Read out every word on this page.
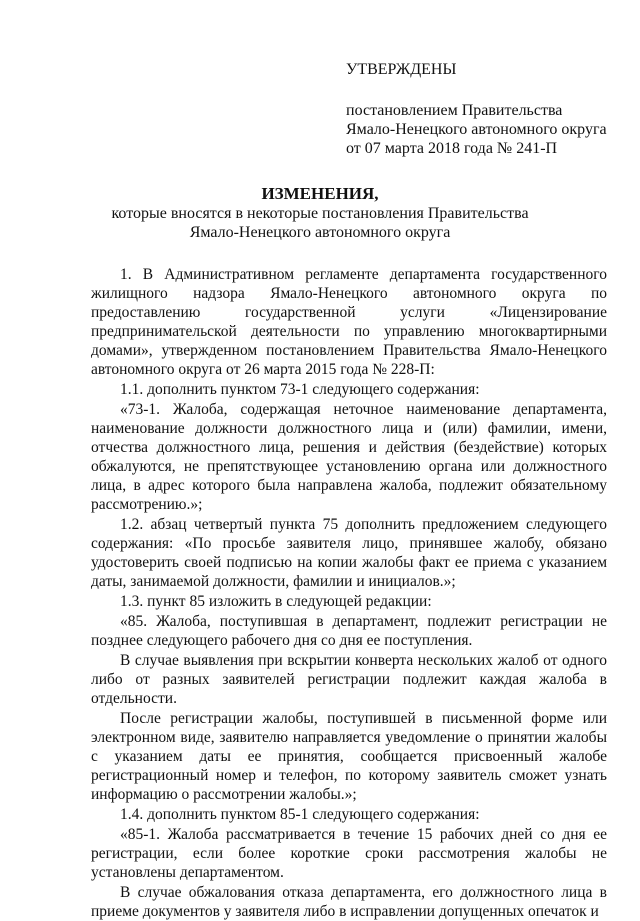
УТВЕРЖДЕНЫ
постановлением Правительства
Ямало-Ненецкого автономного округа
от 07 марта 2018 года № 241-П
ИЗМЕНЕНИЯ,
которые вносятся в некоторые постановления Правительства
Ямало-Ненецкого автономного округа

1. В Административном регламенте департамента государственного жилищного надзора Ямало-Ненецкого автономного округа по предоставлению государственной услуги «Лицензирование предпринимательской деятельности по управлению многоквартирными домами», утвержденном постановлением Правительства Ямало-Ненецкого автономного округа от 26 марта 2015 года № 228-П:

1.1. дополнить пунктом 73-1 следующего содержания:

«73-1. Жалоба, содержащая неточное наименование департамента, наименование должности должностного лица и (или) фамилии, имени, отчества должностного лица, решения и действия (бездействие) которых обжалуются, не препятствующее установлению органа или должностного лица, в адрес которого была направлена жалоба, подлежит обязательному рассмотрению.»;

1.2. абзац четвертый пункта 75 дополнить предложением следующего содержания: «По просьбе заявителя лицо, принявшее жалобу, обязано удостоверить своей подписью на копии жалобы факт ее приема с указанием даты, занимаемой должности, фамилии и инициалов.»;

1.3. пункт 85 изложить в следующей редакции:

«85. Жалоба, поступившая в департамент, подлежит регистрации не позднее следующего рабочего дня со дня ее поступления.

В случае выявления при вскрытии конверта нескольких жалоб от одного либо от разных заявителей регистрации подлежит каждая жалоба в отдельности.

После регистрации жалобы, поступившей в письменной форме или электронном виде, заявителю направляется уведомление о принятии жалобы с указанием даты ее принятия, сообщается присвоенный жалобе регистрационный номер и телефон, по которому заявитель сможет узнать информацию о рассмотрении жалобы.»;

1.4. дополнить пунктом 85-1 следующего содержания:

«85-1. Жалоба рассматривается в течение 15 рабочих дней со дня ее регистрации, если более короткие сроки рассмотрения жалобы не установлены департаментом.

В случае обжалования отказа департамента, его должностного лица в приеме документов у заявителя либо в исправлении допущенных опечаток и
